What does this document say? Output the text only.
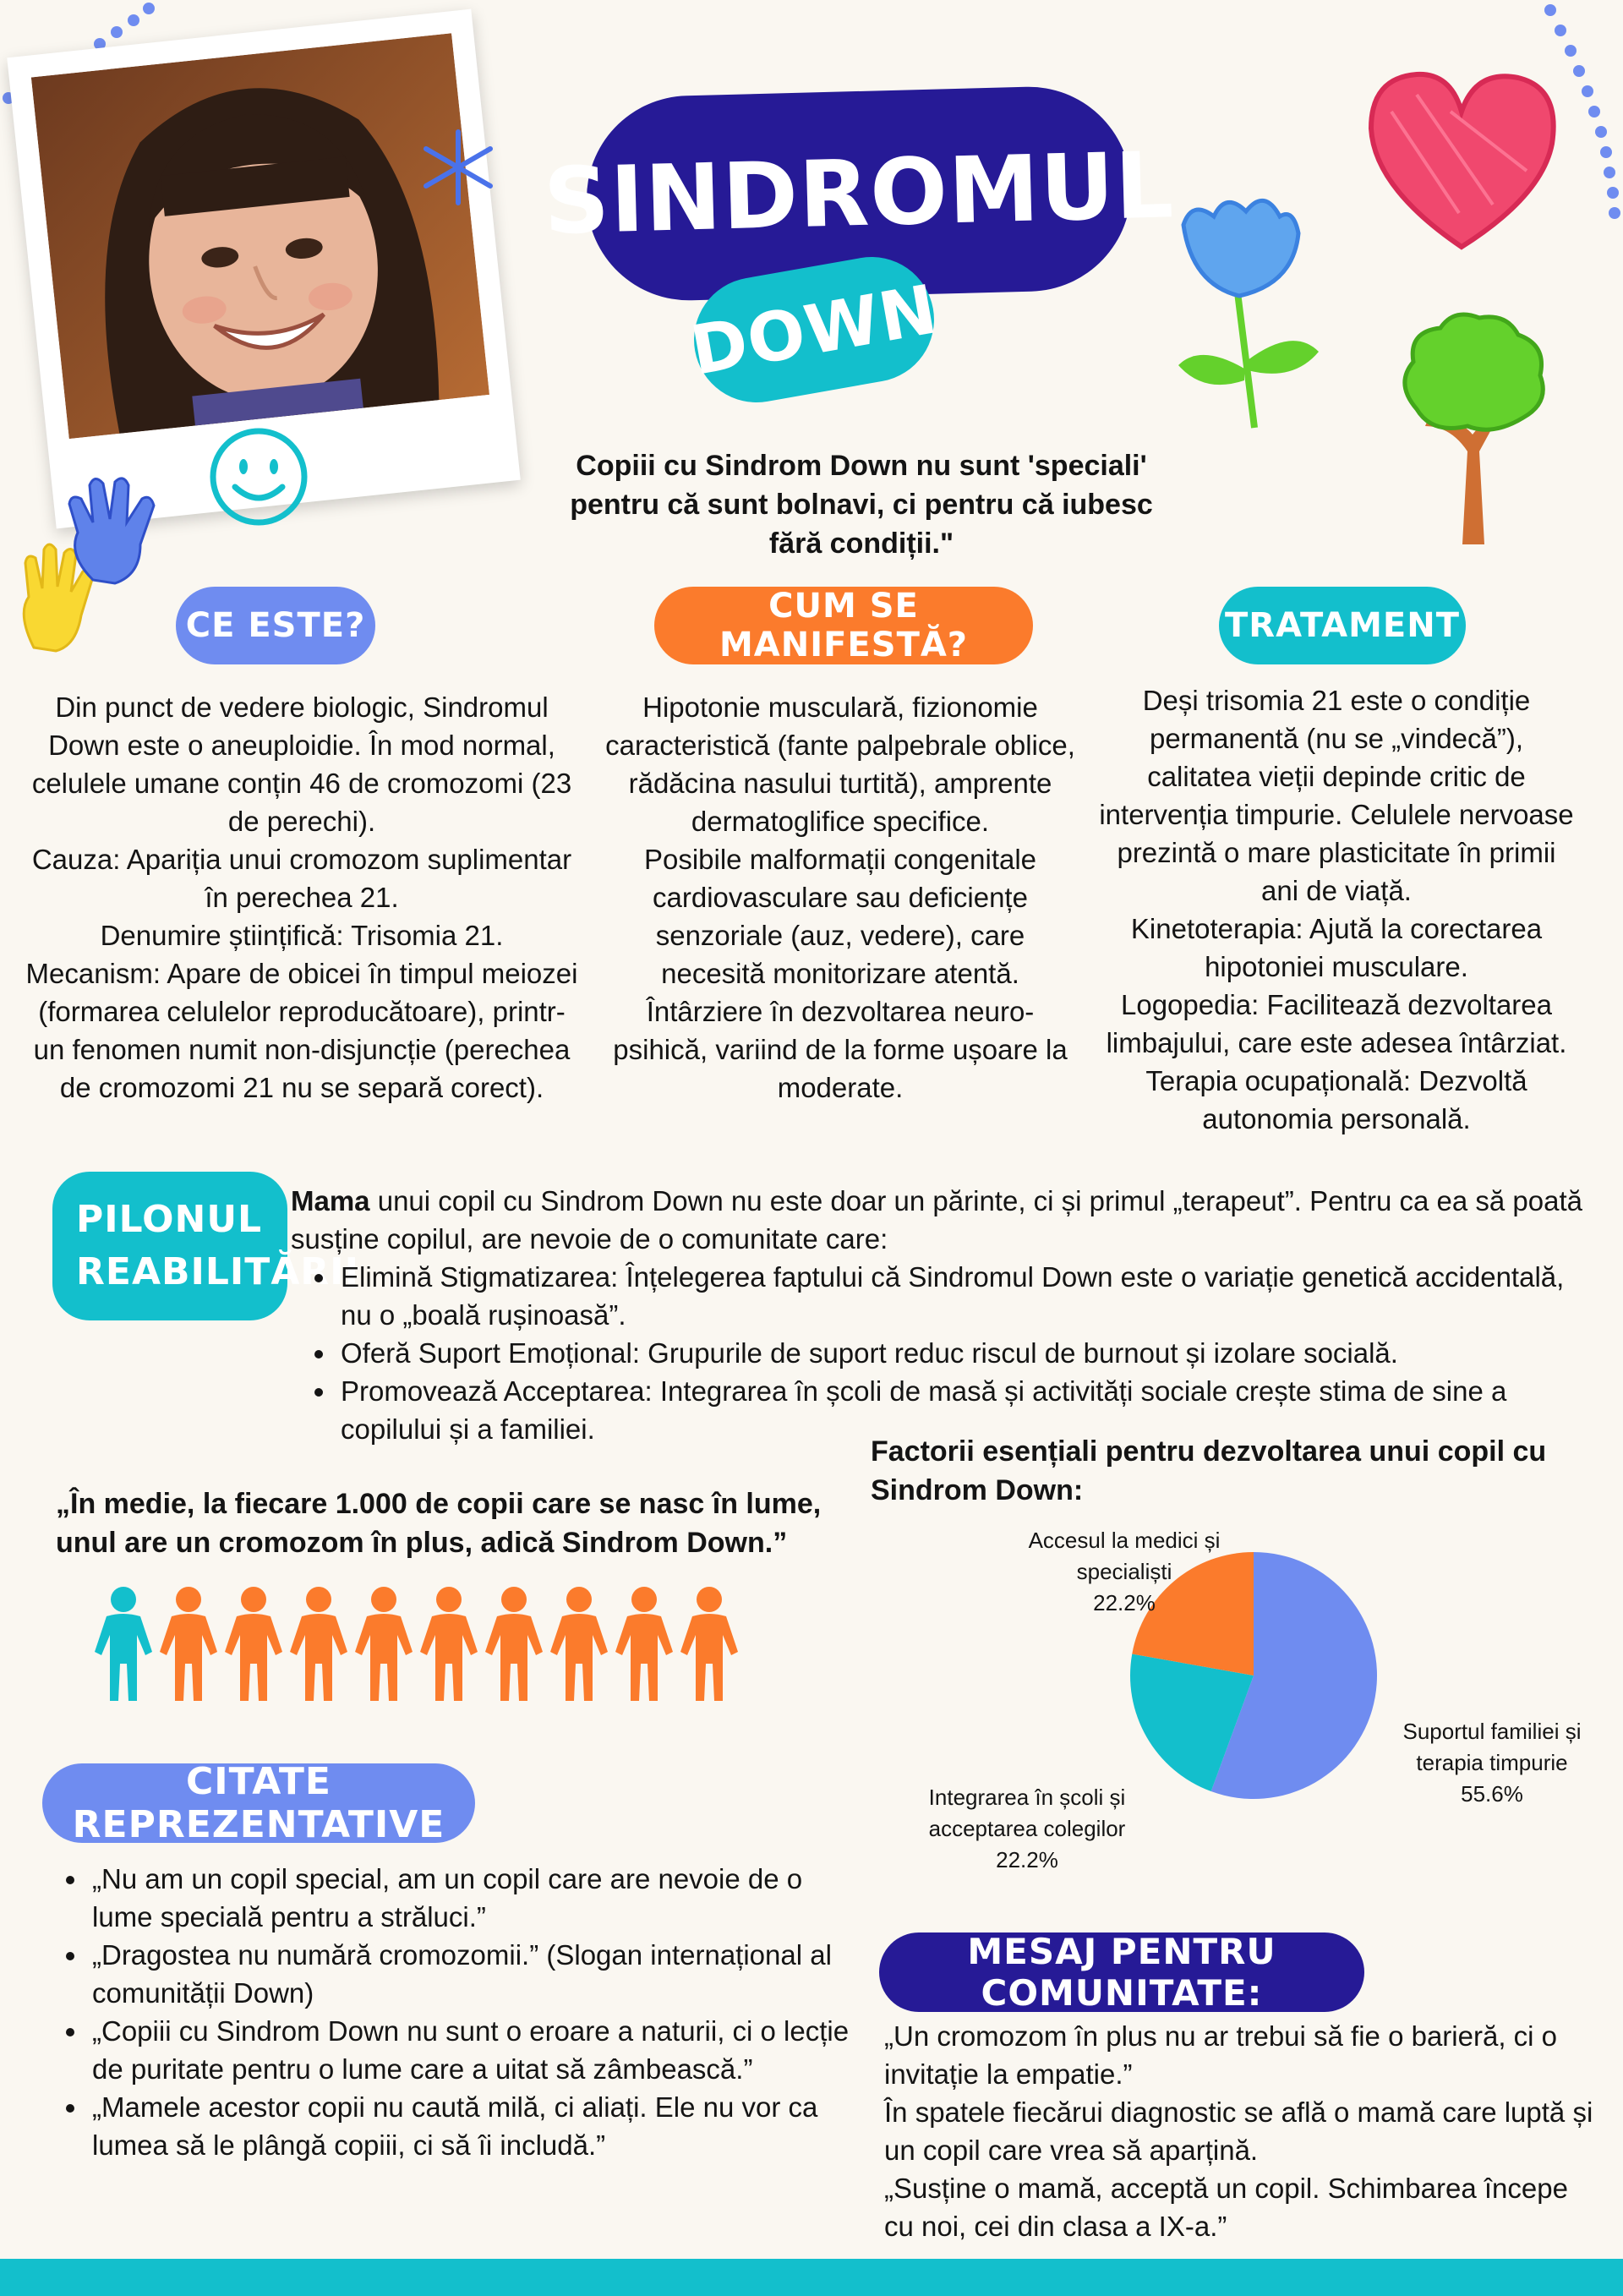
SINDROMUL
DOWN
Copiii cu Sindrom Down nu sunt 'speciali' pentru că sunt bolnavi, ci pentru că iubesc fără condiții."
CE ESTE?	CUM SE MANIFESTĂ?	TRATAMENT

Din punct de vedere biologic, Sindromul Down este o aneuploidie. În mod normal, celulele umane conțin 46 de cromozomi (23 de perechi).

Cauza: Apariția unui cromozom suplimentar în perechea 21.

Denumire științifică: Trisomia 21.

Mecanism: Apare de obicei în timpul meiozei (formarea celulelor reproducătoare), printr-un fenomen numit non-disjuncție (perechea de cromozomi 21 nu se separă corect).

Hipotonie musculară, fizionomie caracteristică (fante palpebrale oblice, rădăcina nasului turtită), amprente dermatoglifice specifice.

Posibile malformații congenitale cardiovasculare sau deficiențe senzoriale (auz, vedere), care necesită monitorizare atentă.

Întârziere în dezvoltarea neuro-psihică, variind de la forme ușoare la moderate.

Deși trisomia 21 este o condiție permanentă (nu se „vindecă”), calitatea vieții depinde critic de intervenția timpurie. Celulele nervoase prezintă o mare plasticitate în primii ani de viață.

Kinetoterapia: Ajută la corectarea hipotoniei musculare.

Logopedia: Facilitează dezvoltarea limbajului, care este adesea întârziat.

Terapia ocupațională: Dezvoltă autonomia personală.

PILONUL
REABILITĂRII

Mama unui copil cu Sindrom Down nu este doar un părinte, ci și primul „terapeut”. Pentru ca ea să poată susține copilul, are nevoie de o comunitate care:

• Elimină Stigmatizarea: Înțelegerea faptului că Sindromul Down este o variație genetică accidentală, nu o „boală rușinoasă”.
• Oferă Suport Emoțional: Grupurile de suport reduc riscul de burnout și izolare socială.
• Promovează Acceptarea: Integrarea în școli de masă și activități sociale crește stima de sine a copilului și a familiei.
„În medie, la fiecare 1.000 de copii care se nasc în lume, unul are un cromozom în plus, adică Sindrom Down.”
CITATE REPREZENTATIVE
• „Nu am un copil special, am un copil care are nevoie de o lume specială pentru a străluci.”
• „Dragostea nu numără cromozomii.” (Slogan internațional al comunității Down)
• „Copiii cu Sindrom Down nu sunt o eroare a naturii, ci o lecție de puritate pentru o lume care a uitat să zâmbească.”
• „Mamele acestor copii nu caută milă, ci aliați. Ele nu vor ca lumea să le plângă copiii, ci să îi includă.”
Factorii esențiali pentru dezvoltarea unui copil cu Sindrom Down:
Accesul la medici și specialiști
22.2%
Suportul familiei și terapia timpurie
55.6%
Integrarea în școli și acceptarea colegilor
22.2%
MESAJ PENTRU COMUNITATE:

„Un cromozom în plus nu ar trebui să fie o barieră, ci o invitație la empatie.”

În spatele fiecărui diagnostic se află o mamă care luptă și un copil care vrea să aparțină.

„Susține o mamă, acceptă un copil. Schimbarea începe cu noi, cei din clasa a IX-a.”
